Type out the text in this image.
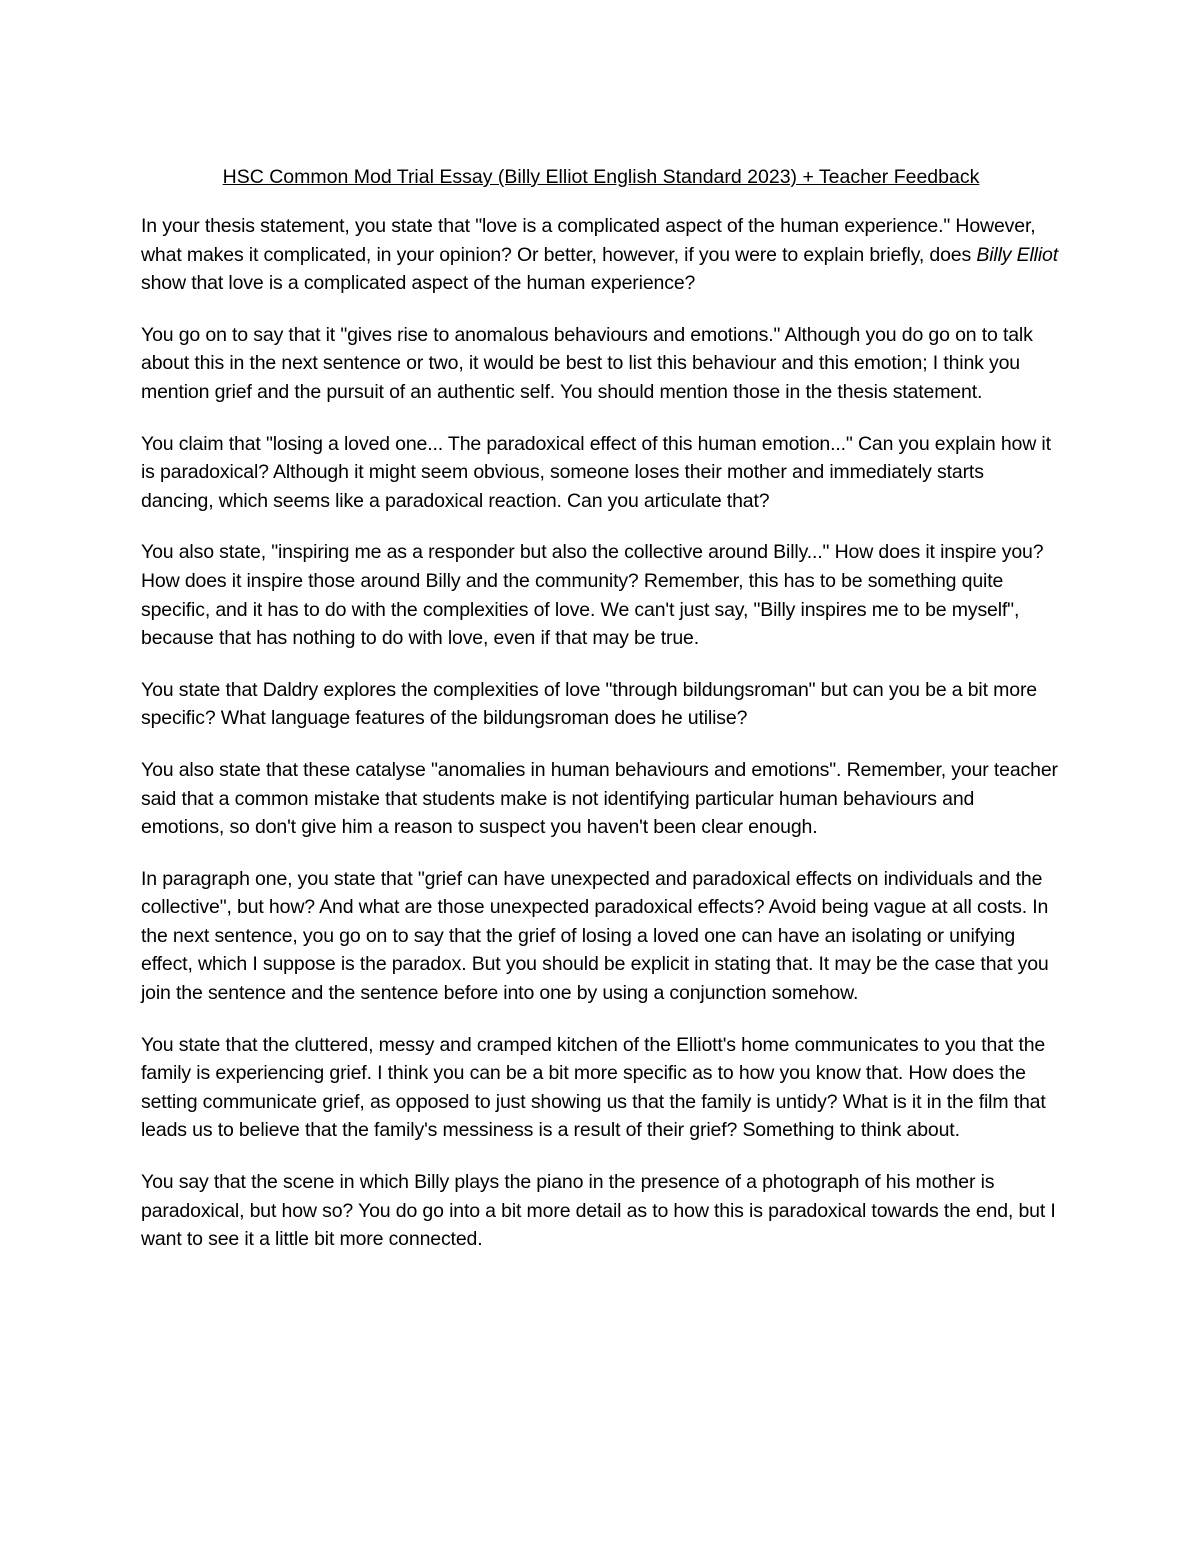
HSC Common Mod Trial Essay (Billy Elliot English Standard 2023) + Teacher Feedback

In your thesis statement, you state that "love is a complicated aspect of the human experience." However, what makes it complicated, in your opinion? Or better, however, if you were to explain briefly, does Billy Elliot show that love is a complicated aspect of the human experience?

You go on to say that it "gives rise to anomalous behaviours and emotions." Although you do go on to talk about this in the next sentence or two, it would be best to list this behaviour and this emotion; I think you mention grief and the pursuit of an authentic self. You should mention those in the thesis statement.

You claim that "losing a loved one... The paradoxical effect of this human emotion..." Can you explain how it is paradoxical? Although it might seem obvious, someone loses their mother and immediately starts dancing, which seems like a paradoxical reaction. Can you articulate that?

You also state, "inspiring me as a responder but also the collective around Billy..." How does it inspire you? How does it inspire those around Billy and the community? Remember, this has to be something quite specific, and it has to do with the complexities of love. We can't just say, "Billy inspires me to be myself", because that has nothing to do with love, even if that may be true.

You state that Daldry explores the complexities of love "through bildungsroman" but can you be a bit more specific? What language features of the bildungsroman does he utilise?

You also state that these catalyse "anomalies in human behaviours and emotions". Remember, your teacher said that a common mistake that students make is not identifying particular human behaviours and emotions, so don't give him a reason to suspect you haven't been clear enough.

In paragraph one, you state that "grief can have unexpected and paradoxical effects on individuals and the collective", but how? And what are those unexpected paradoxical effects? Avoid being vague at all costs. In the next sentence, you go on to say that the grief of losing a loved one can have an isolating or unifying effect, which I suppose is the paradox. But you should be explicit in stating that. It may be the case that you join the sentence and the sentence before into one by using a conjunction somehow.

You state that the cluttered, messy and cramped kitchen of the Elliott's home communicates to you that the family is experiencing grief. I think you can be a bit more specific as to how you know that. How does the setting communicate grief, as opposed to just showing us that the family is untidy? What is it in the film that leads us to believe that the family's messiness is a result of their grief? Something to think about.

You say that the scene in which Billy plays the piano in the presence of a photograph of his mother is paradoxical, but how so? You do go into a bit more detail as to how this is paradoxical towards the end, but I want to see it a little bit more connected.
